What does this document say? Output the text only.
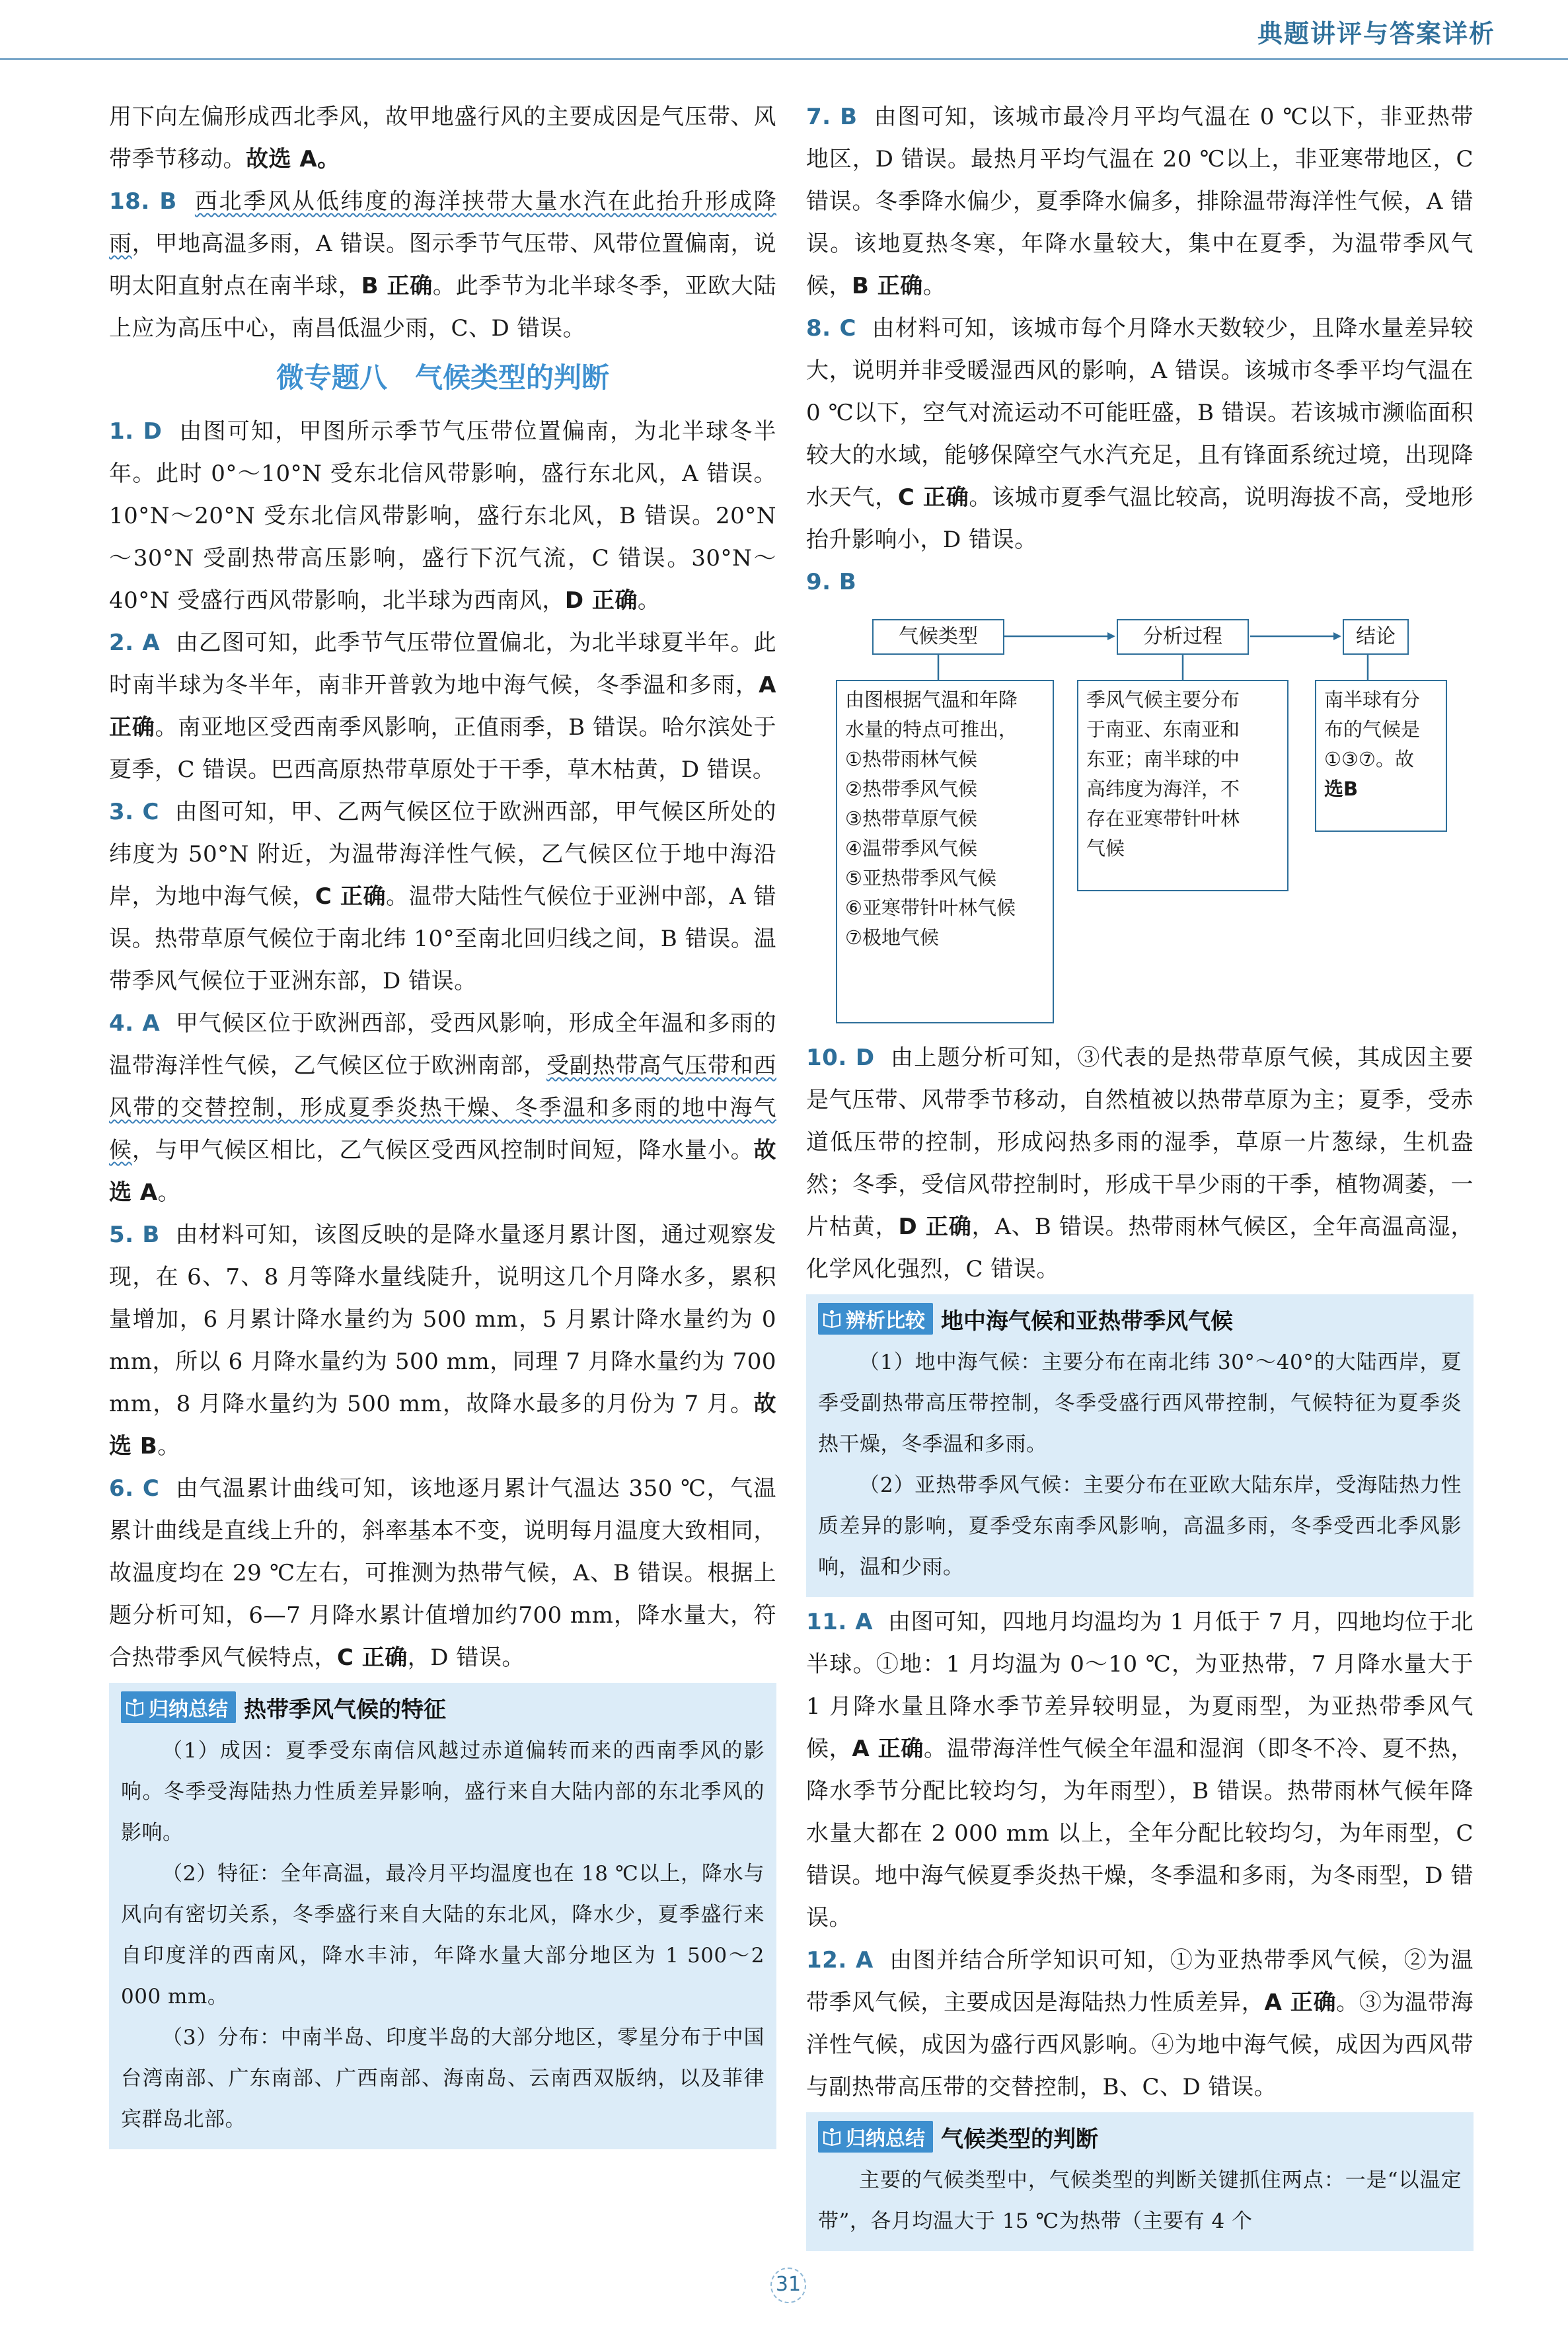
典题讲评与答案详析

用下向左偏形成西北季风，故甲地盛行风的主要成因是气压带、风带季节移动。故选 A。

18. B 西北季风从低纬度的海洋挟带大量水汽在此抬升形成降雨，甲地高温多雨，A 错误。图示季节气压带、风带位置偏南，说明太阳直射点在南半球，B 正确。此季节为北半球冬季，亚欧大陆上应为高压中心，南昌低温少雨，C、D 错误。

微专题八　气候类型的判断

1. D 由图可知，甲图所示季节气压带位置偏南，为北半球冬半年。此时 0°～10°N 受东北信风带影响，盛行东北风，A 错误。10°N～20°N 受东北信风带影响，盛行东北风，B 错误。20°N～30°N 受副热带高压影响，盛行下沉气流，C 错误。30°N～40°N 受盛行西风带影响，北半球为西南风，D 正确。

2. A 由乙图可知，此季节气压带位置偏北，为北半球夏半年。此时南半球为冬半年，南非开普敦为地中海气候，冬季温和多雨，A 正确。南亚地区受西南季风影响，正值雨季，B 错误。哈尔滨处于夏季，C 错误。巴西高原热带草原处于干季，草木枯黄，D 错误。

3. C 由图可知，甲、乙两气候区位于欧洲西部，甲气候区所处的纬度为 50°N 附近，为温带海洋性气候，乙气候区位于地中海沿岸，为地中海气候，C 正确。温带大陆性气候位于亚洲中部，A 错误。热带草原气候位于南北纬 10°至南北回归线之间，B 错误。温带季风气候位于亚洲东部，D 错误。

4. A 甲气候区位于欧洲西部，受西风影响，形成全年温和多雨的温带海洋性气候，乙气候区位于欧洲南部，受副热带高气压带和西风带的交替控制，形成夏季炎热干燥、冬季温和多雨的地中海气候，与甲气候区相比，乙气候区受西风控制时间短，降水量小。故选 A。

5. B 由材料可知，该图反映的是降水量逐月累计图，通过观察发现，在 6、7、8 月等降水量线陡升，说明这几个月降水多，累积量增加，6 月累计降水量约为 500 mm，5 月累计降水量约为 0 mm，所以 6 月降水量约为 500 mm，同理 7 月降水量约为 700 mm，8 月降水量约为 500 mm，故降水最多的月份为 7 月。故选 B。

6. C 由气温累计曲线可知，该地逐月累计气温达 350 ℃，气温累计曲线是直线上升的，斜率基本不变，说明每月温度大致相同，故温度均在 29 ℃左右，可推测为热带气候，A、B 错误。根据上题分析可知，6—7 月降水累计值增加约700 mm，降水量大，符合热带季风气候特点，C 正确，D 错误。

归纳总结 热带季风气候的特征

（1）成因：夏季受东南信风越过赤道偏转而来的西南季风的影响。冬季受海陆热力性质差异影响，盛行来自大陆内部的东北季风的影响。

（2）特征：全年高温，最冷月平均温度也在 18 ℃以上，降水与风向有密切关系，冬季盛行来自大陆的东北风，降水少，夏季盛行来自印度洋的西南风，降水丰沛，年降水量大部分地区为 1 500～2 000 mm。

（3）分布：中南半岛、印度半岛的大部分地区，零星分布于中国台湾南部、广东南部、广西南部、海南岛、云南西双版纳，以及菲律宾群岛北部。

7. B 由图可知，该城市最冷月平均气温在 0 ℃以下，非亚热带地区，D 错误。最热月平均气温在 20 ℃以上，非亚寒带地区，C 错误。冬季降水偏少，夏季降水偏多，排除温带海洋性气候，A 错误。该地夏热冬寒，年降水量较大，集中在夏季，为温带季风气候，B 正确。

8. C 由材料可知，该城市每个月降水天数较少，且降水量差异较大，说明并非受暖湿西风的影响，A 错误。该城市冬季平均气温在 0 ℃以下，空气对流运动不可能旺盛，B 错误。若该城市濒临面积较大的水域，能够保障空气水汽充足，且有锋面系统过境，出现降水天气，C 正确。该城市夏季气温比较高，说明海拔不高，受地形抬升影响小，D 错误。

9. B

气候类型	分析过程	结论
由图根据气温和年降
水量的特点可推出，
①热带雨林气候
②热带季风气候
③热带草原气候
④温带季风气候
⑤亚热带季风气候
⑥亚寒带针叶林气候
⑦极地气候
季风气候主要分布
于南亚、东南亚和
东亚；南半球的中
高纬度为海洋，不
存在亚寒带针叶林
气候
南半球有分
布的气候是
①③⑦。故
选B

10. D 由上题分析可知，③代表的是热带草原气候，其成因主要是气压带、风带季节移动，自然植被以热带草原为主；夏季，受赤道低压带的控制，形成闷热多雨的湿季，草原一片葱绿，生机盎然；冬季，受信风带控制时，形成干旱少雨的干季，植物凋萎，一片枯黄，D 正确，A、B 错误。热带雨林气候区，全年高温高湿，化学风化强烈，C 错误。

辨析比较 地中海气候和亚热带季风气候

（1）地中海气候：主要分布在南北纬 30°～40°的大陆西岸，夏季受副热带高压带控制，冬季受盛行西风带控制，气候特征为夏季炎热干燥，冬季温和多雨。

（2）亚热带季风气候：主要分布在亚欧大陆东岸，受海陆热力性质差异的影响，夏季受东南季风影响，高温多雨，冬季受西北季风影响，温和少雨。

11. A 由图可知，四地月均温均为 1 月低于 7 月，四地均位于北半球。①地：1 月均温为 0～10 ℃，为亚热带，7 月降水量大于 1 月降水量且降水季节差异较明显，为夏雨型，为亚热带季风气候，A 正确。温带海洋性气候全年温和湿润（即冬不冷、夏不热，降水季节分配比较均匀，为年雨型），B 错误。热带雨林气候年降水量大都在 2 000 mm 以上，全年分配比较均匀，为年雨型，C 错误。地中海气候夏季炎热干燥，冬季温和多雨，为冬雨型，D 错误。

12. A 由图并结合所学知识可知，①为亚热带季风气候，②为温带季风气候，主要成因是海陆热力性质差异，A 正确。③为温带海洋性气候，成因为盛行西风影响。④为地中海气候，成因为西风带与副热带高压带的交替控制，B、C、D 错误。

归纳总结 气候类型的判断

主要的气候类型中，气候类型的判断关键抓住两点：一是“以温定带”，各月均温大于 15 ℃为热带（主要有 4 个

31
